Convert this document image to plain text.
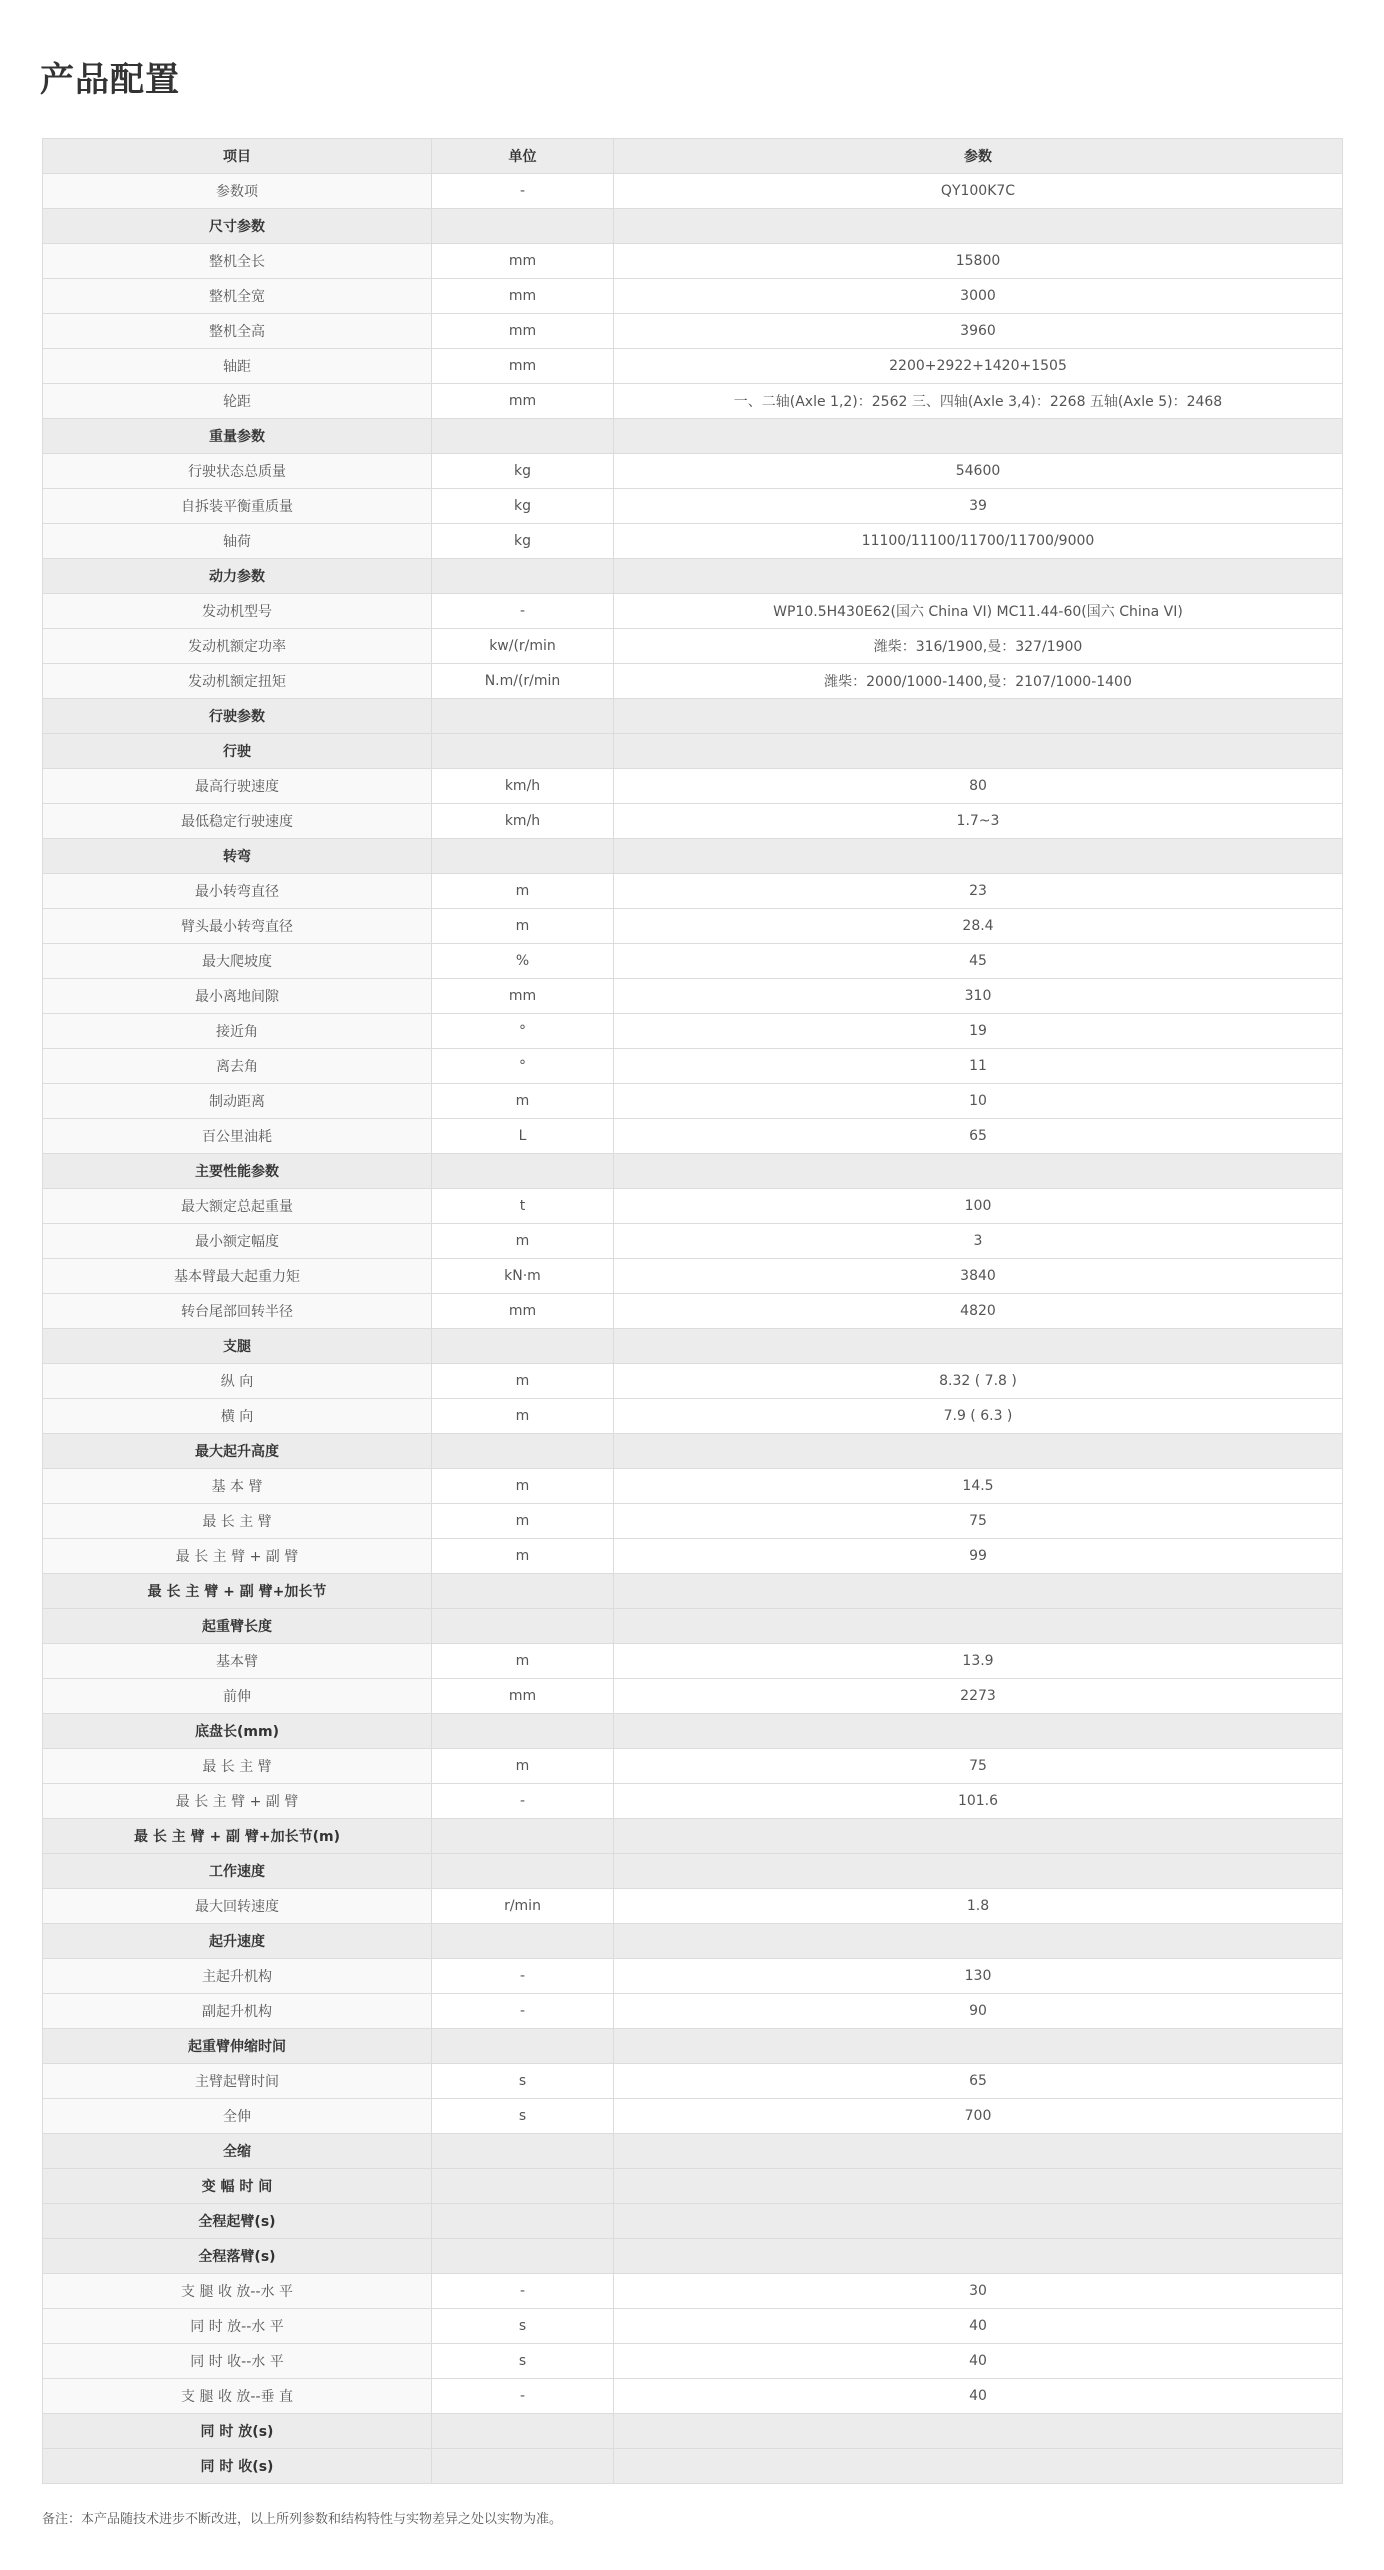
产品配置
项目	单位	参数
参数项	-	QY100K7C
尺寸参数		
整机全长	mm	15800
整机全宽	mm	3000
整机全高	mm	3960
轴距	mm	2200+2922+1420+1505
轮距	mm	一、二轴(Axle 1,2)：2562 三、四轴(Axle 3,4)：2268 五轴(Axle 5)：2468
重量参数		
行驶状态总质量	kg	54600
自拆装平衡重质量	kg	39
轴荷	kg	11100/11100/11700/11700/9000
动力参数		
发动机型号	-	WP10.5H430E62(国六 China VI) MC11.44-60(国六 China VI)
发动机额定功率	kw/(r/min	潍柴：316/1900,曼：327/1900
发动机额定扭矩	N.m/(r/min	潍柴：2000/1000-1400,曼：2107/1000-1400
行驶参数		
行驶		
最高行驶速度	km/h	80
最低稳定行驶速度	km/h	1.7~3
转弯		
最小转弯直径	m	23
臂头最小转弯直径	m	28.4
最大爬坡度	%	45
最小离地间隙	mm	310
接近角	°	19
离去角	°	11
制动距离	m	10
百公里油耗	L	65
主要性能参数		
最大额定总起重量	t	100
最小额定幅度	m	3
基本臂最大起重力矩	kN·m	3840
转台尾部回转半径	mm	4820
支腿		
纵 向	m	8.32 ( 7.8 )
横 向	m	7.9 ( 6.3 )
最大起升高度		
基 本 臂	m	14.5
最 长 主 臂	m	75
最 长 主 臂 + 副 臂	m	99
最 长 主 臂 + 副 臂+加长节		
起重臂长度		
基本臂	m	13.9
前伸	mm	2273
底盘长(mm)		
最 长 主 臂	m	75
最 长 主 臂 + 副 臂	-	101.6
最 长 主 臂 + 副 臂+加长节(m)		
工作速度		
最大回转速度	r/min	1.8
起升速度		
主起升机构	-	130
副起升机构	-	90
起重臂伸缩时间		
主臂起臂时间	s	65
全伸	s	700
全缩		
变 幅 时 间		
全程起臂(s)		
全程落臂(s)		
支 腿 收 放--水 平	-	30
同 时 放--水 平	s	40
同 时 收--水 平	s	40
支 腿 收 放--垂 直	-	40
同 时 放(s)		
同 时 收(s)		

备注：本产品随技术进步不断改进，以上所列参数和结构特性与实物差异之处以实物为准。
